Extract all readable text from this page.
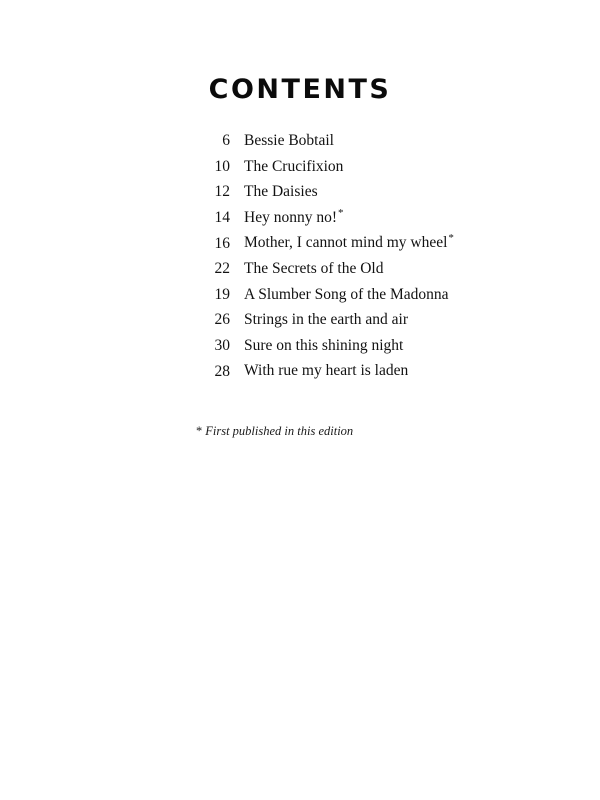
CONTENTS
6 Bessie Bobtail
10 The Crucifixion
12 The Daisies
14 Hey nonny no!*
16 Mother, I cannot mind my wheel*
22 The Secrets of the Old
19 A Slumber Song of the Madonna
26 Strings in the earth and air
30 Sure on this shining night
28 With rue my heart is laden
* First published in this edition
